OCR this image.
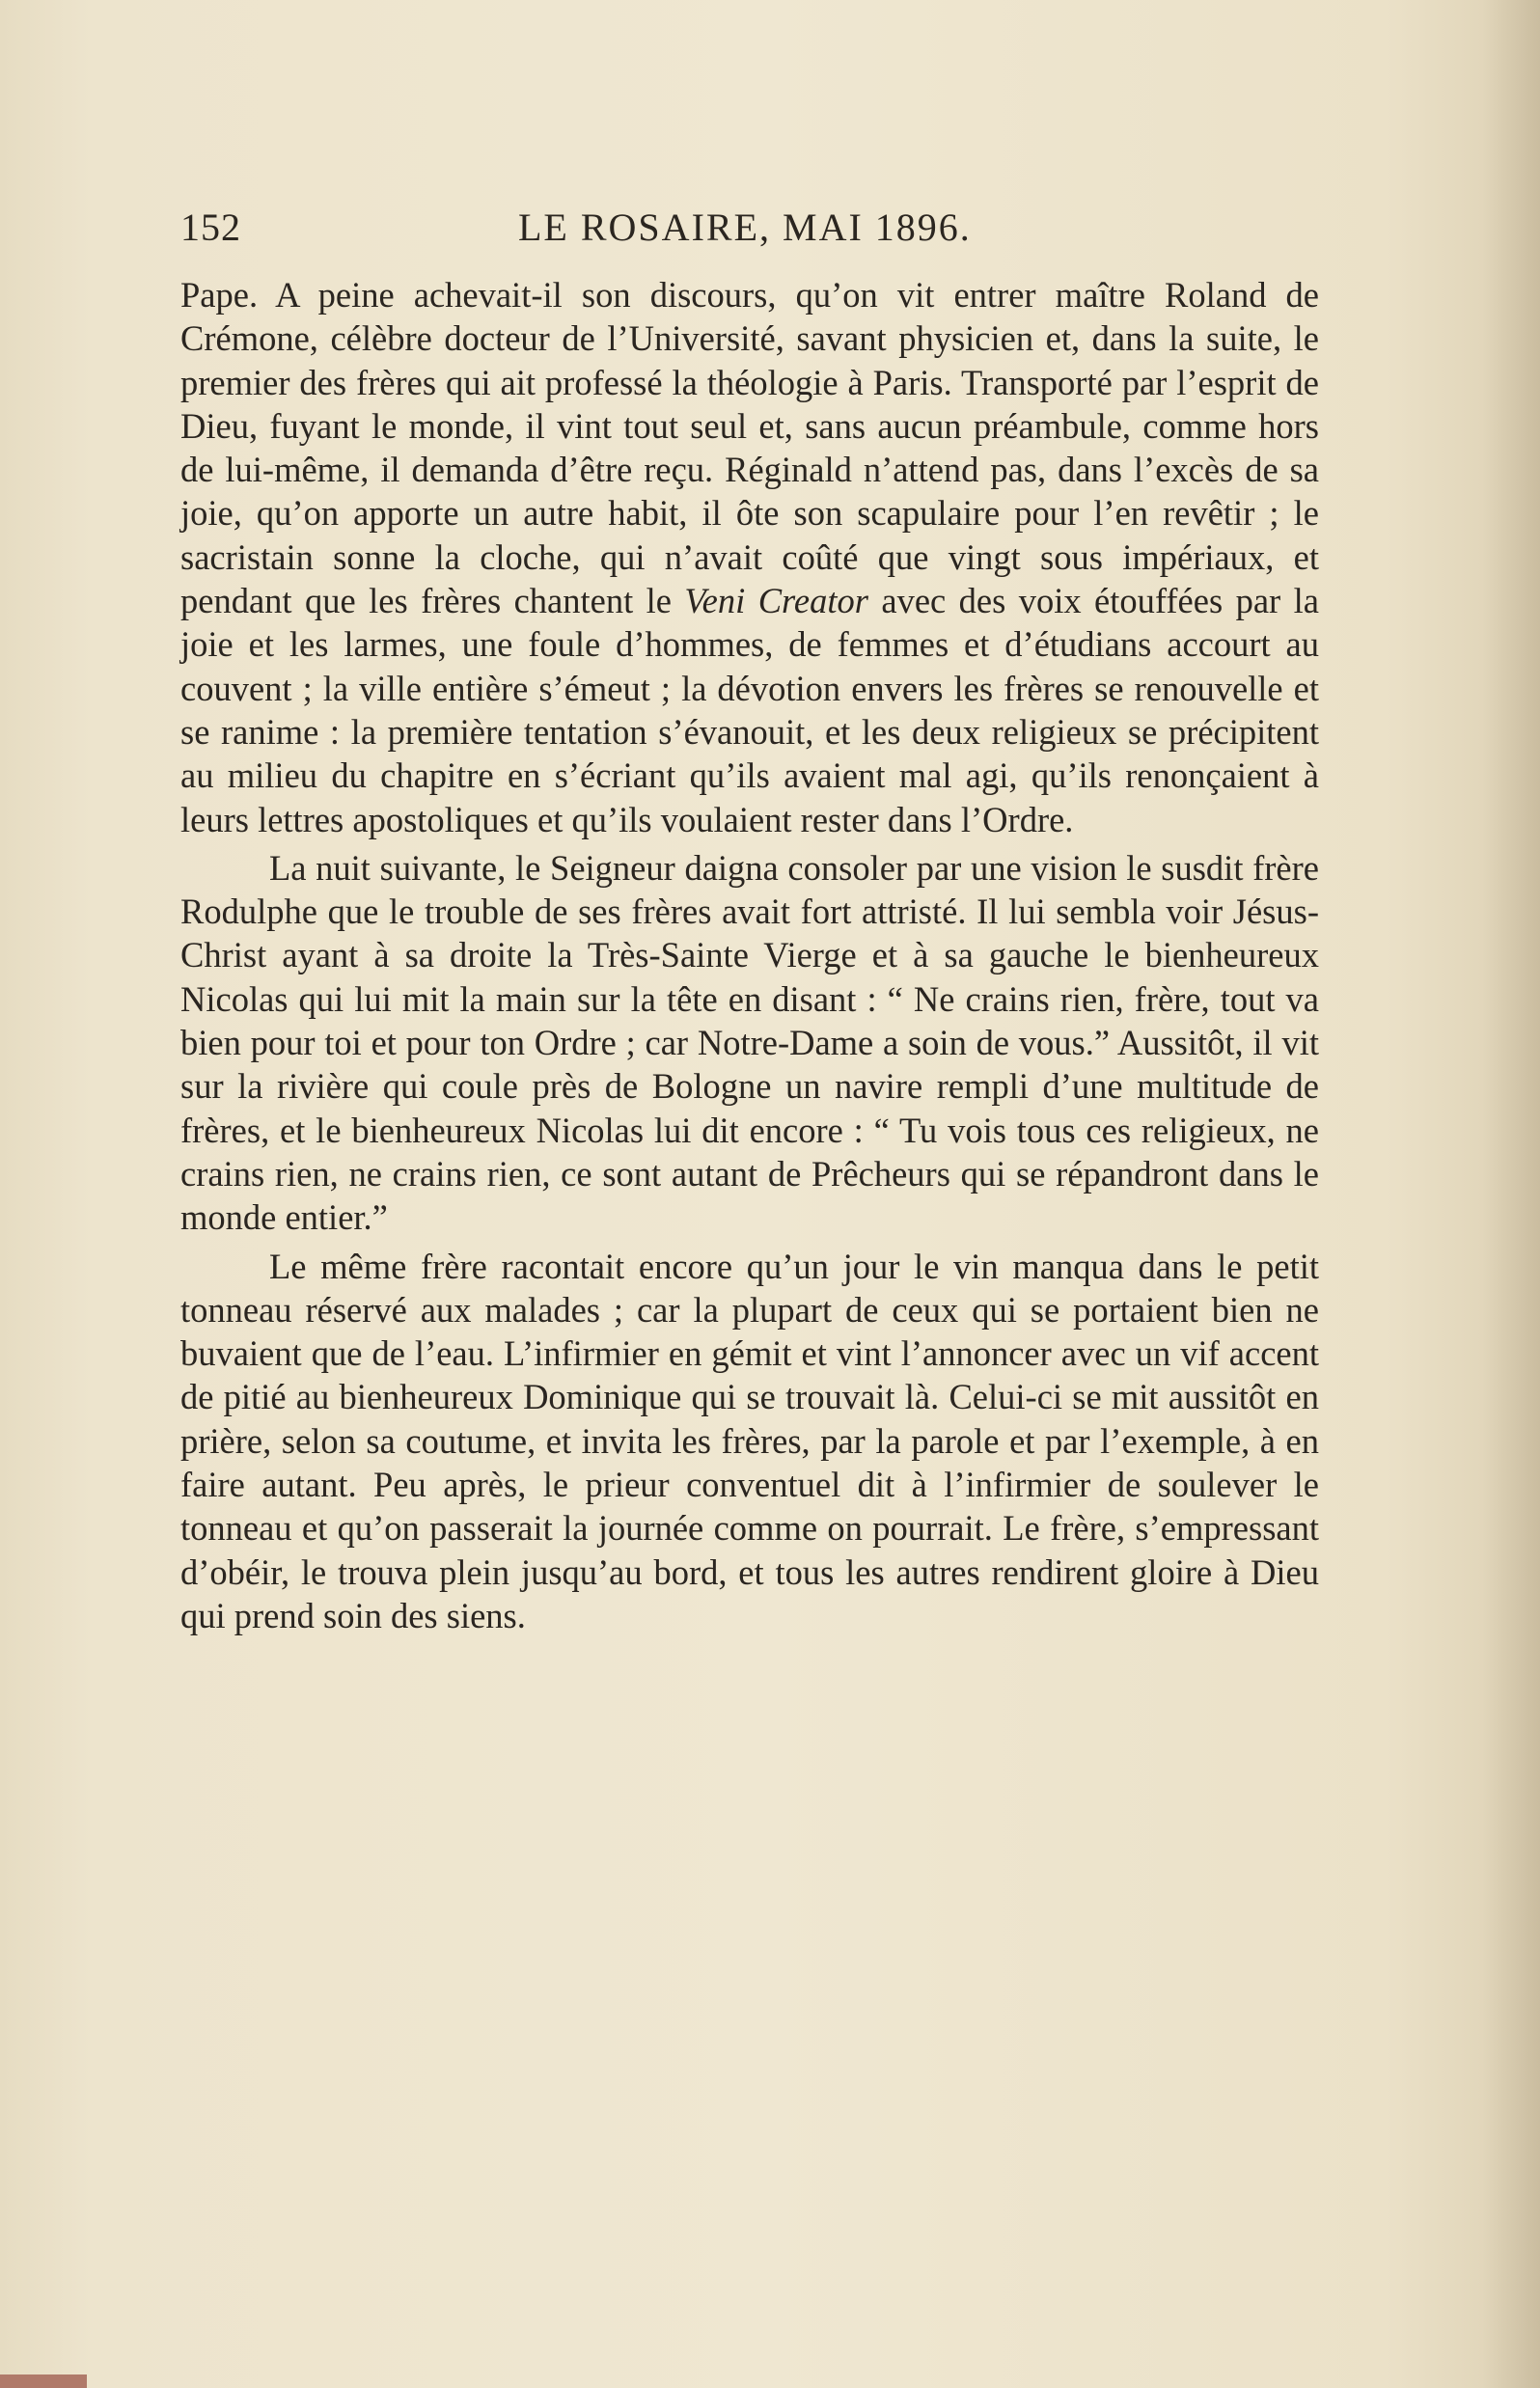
152	LE ROSAIRE, MAI 1896.

Pape. A peine achevait-il son discours, qu’on vit entrer maître Roland de Crémone, célèbre docteur de l’Université, savant physicien et, dans la suite, le premier des frères qui ait professé la théologie à Paris. Transporté par l’esprit de Dieu, fuyant le monde, il vint tout seul et, sans aucun préambule, comme hors de lui-même, il demanda d’être reçu. Réginald n’attend pas, dans l’excès de sa joie, qu’on apporte un autre habit, il ôte son scapulaire pour l’en revêtir ; le sacristain sonne la cloche, qui n’avait coûté que vingt sous impériaux, et pendant que les frères chantent le Veni Creator avec des voix étouffées par la joie et les larmes, une foule d’hommes, de femmes et d’étudians accourt au couvent ; la ville entière s’émeut ; la dévotion envers les frères se renouvelle et se ranime : la première tentation s’évanouit, et les deux religieux se précipitent au milieu du chapitre en s’écriant qu’ils avaient mal agi, qu’ils renonçaient à leurs lettres apostoliques et qu’ils voulaient rester dans l’Ordre.

La nuit suivante, le Seigneur daigna consoler par une vision le susdit frère Rodulphe que le trouble de ses frères avait fort attristé. Il lui sembla voir Jésus-Christ ayant à sa droite la Très-Sainte Vierge et à sa gauche le bienheureux Nicolas qui lui mit la main sur la tête en disant : “ Ne crains rien, frère, tout va bien pour toi et pour ton Ordre ; car Notre-Dame a soin de vous.” Aussitôt, il vit sur la rivière qui coule près de Bologne un navire rempli d’une multitude de frères, et le bienheureux Nicolas lui dit encore : “ Tu vois tous ces religieux, ne crains rien, ne crains rien, ce sont autant de Prêcheurs qui se répandront dans le monde entier.”

Le même frère racontait encore qu’un jour le vin manqua dans le petit tonneau réservé aux malades ; car la plupart de ceux qui se portaient bien ne buvaient que de l’eau. L’infirmier en gémit et vint l’annoncer avec un vif accent de pitié au bienheureux Dominique qui se trouvait là. Celui-ci se mit aussitôt en prière, selon sa coutume, et invita les frères, par la parole et par l’exemple, à en faire autant. Peu après, le prieur conventuel dit à l’infirmier de soulever le tonneau et qu’on passerait la journée comme on pourrait. Le frère, s’empressant d’obéir, le trouva plein jusqu’au bord, et tous les autres rendirent gloire à Dieu qui prend soin des siens.
